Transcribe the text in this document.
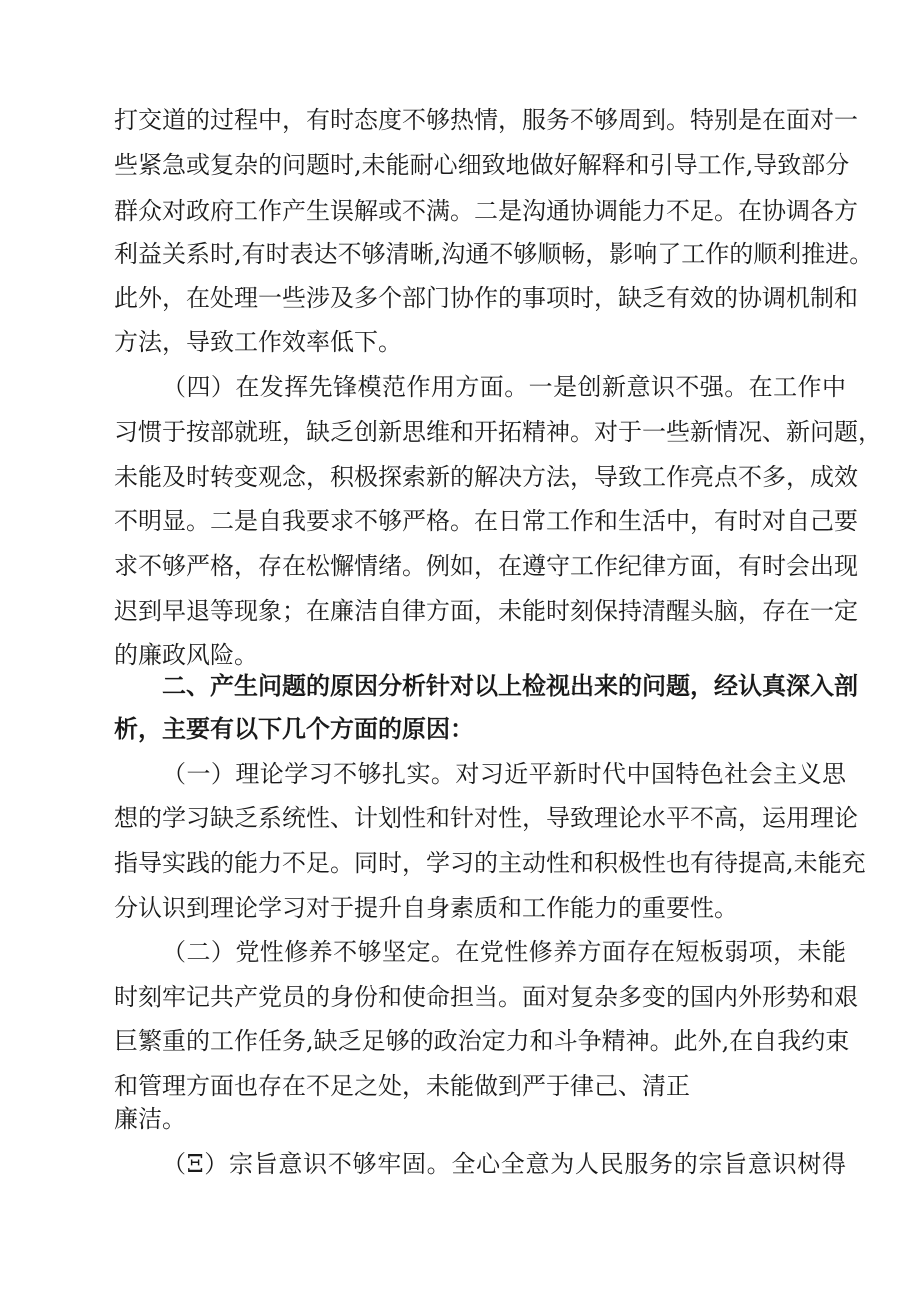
打交道的过程中，有时态度不够热情，服务不够周到。特别是在面对一
些紧急或复杂的问题时,未能耐心细致地做好解释和引导工作,导致部分
群众对政府工作产生误解或不满。二是沟通协调能力不足。在协调各方
利益关系时,有时表达不够清晰,沟通不够顺畅，影响了工作的顺利推进。
此外，在处理一些涉及多个部门协作的事项时，缺乏有效的协调机制和
方法，导致工作效率低下。
（四）在发挥先锋模范作用方面。一是创新意识不强。在工作中
习惯于按部就班，缺乏创新思维和开拓精神。对于一些新情况、新问题，
未能及时转变观念，积极探索新的解决方法，导致工作亮点不多，成效
不明显。二是自我要求不够严格。在日常工作和生活中，有时对自己要
求不够严格，存在松懈情绪。例如，在遵守工作纪律方面，有时会出现
迟到早退等现象；在廉洁自律方面，未能时刻保持清醒头脑，存在一定
的廉政风险。
二、产生问题的原因分析针对以上检视出来的问题，经认真深入剖
析，主要有以下几个方面的原因：
（一）理论学习不够扎实。对习近平新时代中国特色社会主义思
想的学习缺乏系统性、计划性和针对性，导致理论水平不高，运用理论
指导实践的能力不足。同时，学习的主动性和积极性也有待提高,未能充
分认识到理论学习对于提升自身素质和工作能力的重要性。
（二）党性修养不够坚定。在党性修养方面存在短板弱项，未能
时刻牢记共产党员的身份和使命担当。面对复杂多变的国内外形势和艰
巨繁重的工作任务,缺乏足够的政治定力和斗争精神。此外,在自我约束
和管理方面也存在不足之处，未能做到严于律己、清正
廉洁。
（Ξ）宗旨意识不够牢固。全心全意为人民服务的宗旨意识树得
